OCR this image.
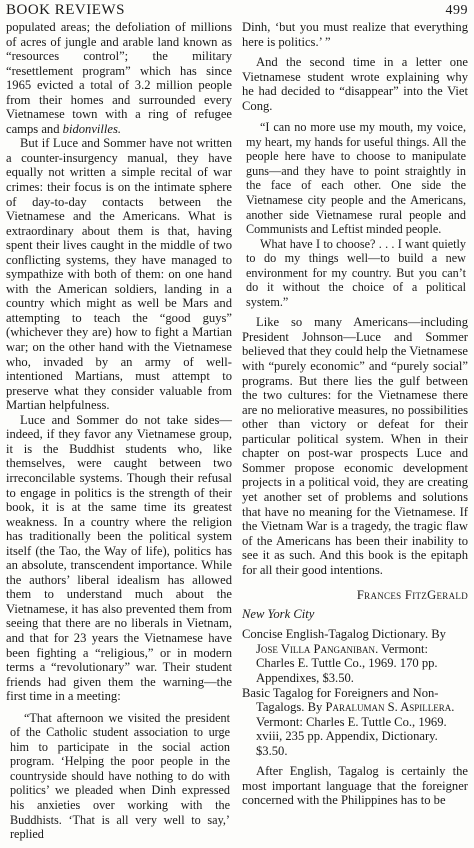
BOOK REVIEWS	499

populated areas; the defoliation of millions of acres of jungle and arable land known as “resources control”; the military “resettlement program” which has since 1965 evicted a total of 3.2 million people from their homes and surrounded every Vietnamese town with a ring of refugee camps and bidonvilles.

But if Luce and Sommer have not written a counter-insurgency manual, they have equally not written a simple recital of war crimes: their focus is on the intimate sphere of day-to-day contacts between the Vietnamese and the Americans. What is extraordinary about them is that, having spent their lives caught in the middle of two conflicting systems, they have managed to sympathize with both of them: on one hand with the American soldiers, landing in a country which might as well be Mars and attempting to teach the “good guys” (whichever they are) how to fight a Martian war; on the other hand with the Vietnamese who, invaded by an army of well-intentioned Martians, must attempt to preserve what they consider valuable from Martian helpfulness.

Luce and Sommer do not take sides—indeed, if they favor any Vietnamese group, it is the Buddhist students who, like themselves, were caught between two irreconcilable systems. Though their refusal to engage in politics is the strength of their book, it is at the same time its greatest weakness. In a country where the religion has traditionally been the political system itself (the Tao, the Way of life), politics has an absolute, transcendent importance. While the authors’ liberal idealism has allowed them to understand much about the Vietnamese, it has also prevented them from seeing that there are no liberals in Vietnam, and that for 23 years the Vietnamese have been fighting a “religious,” or in modern terms a “revolutionary” war. Their student friends had given them the warning—the first time in a meeting:

“That afternoon we visited the president of the Catholic student association to urge him to participate in the social action program. ‘Helping the poor people in the countryside should have nothing to do with politics’ we pleaded when Dinh expressed his anxieties over working with the Buddhists. ‘That is all very well to say,’ replied

Dinh, ‘but you must realize that everything here is politics.’ ”

And the second time in a letter one Vietnamese student wrote explaining why he had decided to “disappear” into the Viet Cong.

“I can no more use my mouth, my voice, my heart, my hands for useful things. All the people here have to choose to manipulate guns—and they have to point straightly in the face of each other. One side the Vietnamese city people and the Americans, another side Vietnamese rural people and Communists and Leftist minded people.

What have I to choose? . . . I want quietly to do my things well—to build a new environment for my country. But you can’t do it without the choice of a political system.”

Like so many Americans—including President Johnson—Luce and Sommer believed that they could help the Vietnamese with “purely economic” and “purely social” programs. But there lies the gulf between the two cultures: for the Vietnamese there are no meliorative measures, no possibilities other than victory or defeat for their particular political system. When in their chapter on post-war prospects Luce and Sommer propose economic development projects in a political void, they are creating yet another set of problems and solutions that have no meaning for the Vietnamese. If the Vietnam War is a tragedy, the tragic flaw of the Americans has been their inability to see it as such. And this book is the epitaph for all their good intentions.

Frances FitzGerald

New York City

Concise English-Tagalog Dictionary. By Jose Villa Panganiban. Vermont: Charles E. Tuttle Co., 1969. 170 pp. Appendixes, $3.50.

Basic Tagalog for Foreigners and Non-Tagalogs. By Paraluman S. Aspillera. Vermont: Charles E. Tuttle Co., 1969. xviii, 235 pp. Appendix, Dictionary. $3.50.

After English, Tagalog is certainly the most important language that the foreigner concerned with the Philippines has to be
